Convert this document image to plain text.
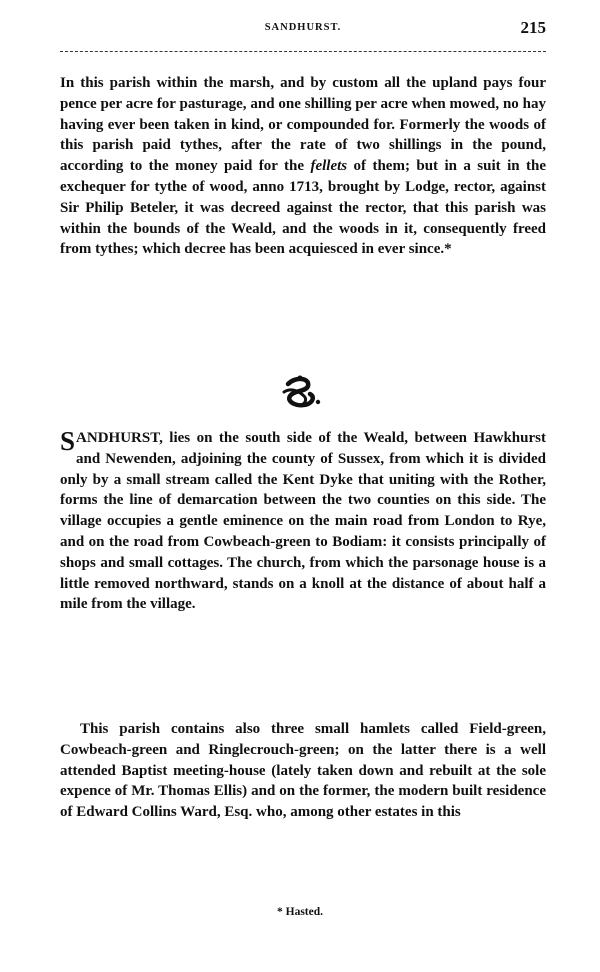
SANDHURST.	215

In this parish within the marsh, and by custom all the upland pays four pence per acre for pasturage, and one shilling per acre when mowed, no hay having ever been taken in kind, or compounded for. Formerly the woods of this parish paid tythes, after the rate of two shillings in the pound, according to the money paid for the fellets of them; but in a suit in the exchequer for tythe of wood, anno 1713, brought by Lodge, rector, against Sir Philip Beteler, it was decreed against the rector, that this parish was within the bounds of the Weald, and the woods in it, consequently freed from tythes; which decree has been acquiesced in ever since.*

SANDHURST, lies on the south side of the Weald, between Hawkhurst and Newenden, adjoining the county of Sussex, from which it is divided only by a small stream called the Kent Dyke that uniting with the Rother, forms the line of demarcation between the two counties on this side. The village occupies a gentle eminence on the main road from London to Rye, and on the road from Cowbeach-green to Bodiam: it consists principally of shops and small cottages. The church, from which the parsonage house is a little removed northward, stands on a knoll at the distance of about half a mile from the village.

This parish contains also three small hamlets called Field-green, Cowbeach-green and Ringlecrouch-green; on the latter there is a well attended Baptist meeting-house (lately taken down and rebuilt at the sole expence of Mr. Thomas Ellis) and on the former, the modern built residence of Edward Collins Ward, Esq. who, among other estates in this

* Hasted.
